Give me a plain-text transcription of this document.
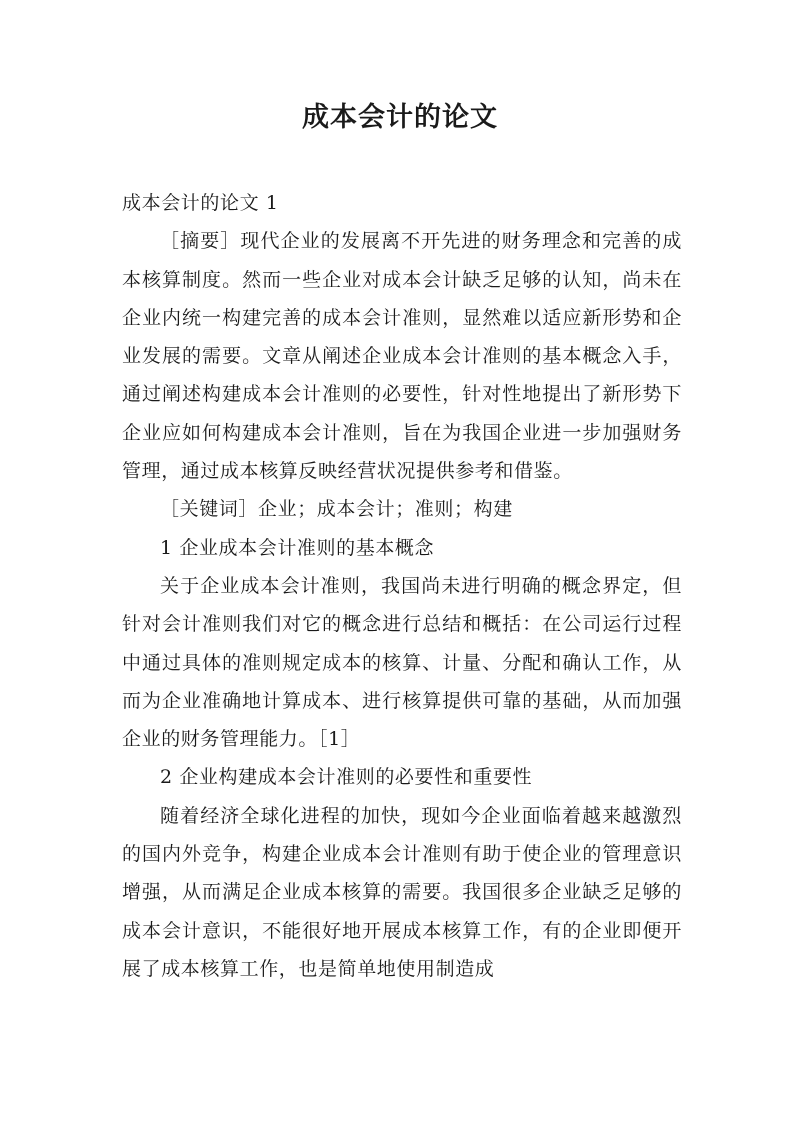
成本会计的论文

成本会计的论文 1

［摘要］现代企业的发展离不开先进的财务理念和完善的成本核算制度。然而一些企业对成本会计缺乏足够的认知，尚未在企业内统一构建完善的成本会计准则，显然难以适应新形势和企业发展的需要。文章从阐述企业成本会计准则的基本概念入手，通过阐述构建成本会计准则的必要性，针对性地提出了新形势下企业应如何构建成本会计准则，旨在为我国企业进一步加强财务管理，通过成本核算反映经营状况提供参考和借鉴。

［关键词］企业；成本会计；准则；构建

1 企业成本会计准则的基本概念

关于企业成本会计准则，我国尚未进行明确的概念界定，但针对会计准则我们对它的概念进行总结和概括：在公司运行过程中通过具体的准则规定成本的核算、计量、分配和确认工作，从而为企业准确地计算成本、进行核算提供可靠的基础，从而加强企业的财务管理能力。［1］

2 企业构建成本会计准则的必要性和重要性

随着经济全球化进程的加快，现如今企业面临着越来越激烈的国内外竞争，构建企业成本会计准则有助于使企业的管理意识增强，从而满足企业成本核算的需要。我国很多企业缺乏足够的成本会计意识，不能很好地开展成本核算工作，有的企业即便开展了成本核算工作，也是简单地使用制造成
